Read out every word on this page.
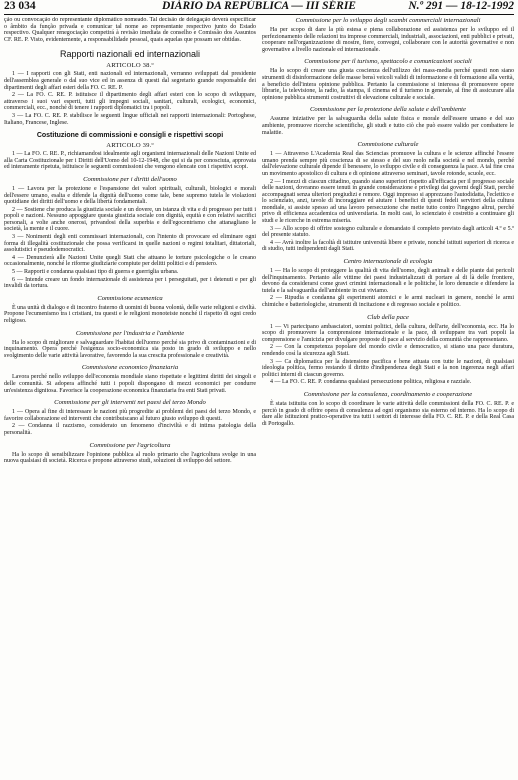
23 034	DIÁRIO DA REPÚBLICA — III SÉRIE	N.º 291 — 18-12-1992

ção ou convocação do representante diplomático nomeado. Tal decisão de delegação deverá especificar o âmbito da função privada e comunicar tal nome ao representante respectivo junto do Estado respectivo. Qualquer renegociação competirá à revisão imediata de conselho e Comissão dos Assuntos CF. RE. P. Visto, evidentemente, a responsabilidade pessoal, quais aquelas que possam ser obtidas.

Rapporti nazionali ed internazionali
ARTICOLO 38.º

1 — I rapporti con gli Stati, enti nazionali ed internazionali, verranno sviluppati dal presidente dell'assemblea generale o dal suo vice ed in assenza di questi dal segretario grande responsabile dei dipartimenti degli affari esteri della FO. C. RE. P.

2 — La FO. C. RE. P. istituisce il dipartimento degli affari esteri con lo scopo di sviluppare, attraverso i suoi vari esperti, tutti gli impegni sociali, sanitari, culturali, ecologici, economici, commerciali, ecc., nonché di tenere i rapporti diplomatici tra i popoli.

3 — La FO. C. RE. P. stabilisce le seguenti lingue ufficiali nei rapporti internazionali: Portoghese, Italiano, Francese, Inglese.

Costituzione di commissioni e consigli e rispettivi scopi
ARTICOLO 39.º

1 — La FO. C. RE. P., richiamandosi idealmente agli organismi internazionali delle Nazioni Unite ed alla Carta Costituzionale per i Diritti dell'Uomo del 10-12-1948, che qui si da per conosciuta, approvata ed interamente ripetuta, istituisce le seguenti commissioni che vengono elencate con i rispettivi scopi.

Commissione per i diritti dell'uomo

1 — Lavora per la protezione e l'espansione dei valori spirituali, culturali, biologici e morali dell'essere umano, esalta e difende la dignità dell'uomo come tale, bene supremo tutela le violazioni quotidiane dei diritti dell'uomo e della libertà fondamentali.

2 — Sostiene che produca la giustizia sociale e un dovere, un istanza di vita e di progresso per tutti i popoli e nazioni. Nessuno appoggiare questa giustizia sociale con dignità, equità e con relativi sacrifici personali, a volte anche onerosi, privandosi della superbia e dell'egocentrismo che attanagliano le società, la mente e il cuore.

3 — Nonimenti degli enti commissari internazionali, con l'intento di provocare ed eliminare ogni forma di illegalità costituzionale che possa verificarsi in quelle nazioni o regimi totalitari, dittatoriali, assolutistici e pseudodemocratici.

4 — Denunzierà alle Nazioni Unite quegli Stati che attuano le torture psicologiche o le creano occasionalmente, nonché le riforme giudiziarie compiute per delitti politici e di pensiero.

5 — Rapporti e condanna qualsiasi tipo di guerra e guerriglia urbana.

6 — Intende creare un fondo internazionale di assistenza per i perseguitati, per i detenuti e per gli invalidi da tortura.

Commissione ecumenica

È una unità di dialogo e di incontro fraterno di uomini di buona volontà, delle varie religioni e civiltà. Propone l'ecumenismo tra i cristiani, tra questi e le religioni monoteiste nonché il rispetto di ogni credo religioso.

Commissione per l'industria e l'ambiente

Ha lo scopo di migliorare e salvaguardare l'habitat dell'uomo perché sia privo di contaminazioni e di inquinamento. Opera perché l'esigenza socio-economica sia posto in grado di sviluppo e nello svolgimento delle varie attività lavorative, favorendo la sua crescita professionale e creatività.

Commissione economico finanziaria

Lavora perché nello sviluppo dell'economia mondiale siano rispettate e legittimi diritti dei singoli e delle comunità. Si adopera affinché tutti i popoli dispongano di mezzi economici per condurre un'esistenza dignitosa. Favorisce la cooperazione economica finanziaria fra enti Stati privati.

Commissione per gli interventi nei paesi del terzo Mondo

1 — Opera al fine di interessare le nazioni più progredite ai problemi dei paesi del terzo Mondo, e favorire collaborazione ed interventi che contribuiscano al futuro giusto sviluppo di questi.

2 — Condanna il razzismo, considerato un fenomeno d'inciviltà e di intima patologia della personalità.

Commissione per l'agricoltura

Ha lo scopo di sensibilizzare l'opinione pubblica al ruolo primario che l'agricoltura svolge in una nuova qualsiasi di società. Ricerca e propone attraverso studi, soluzioni di sviluppo del settore.

Commissione per lo sviluppo degli scambi commerciali internazionali

Ha per scopo di dare la più estesa e piena collaborazione ed assistenza per lo sviluppo ed il perfezionamento delle relazioni tra imprese commerciali, industriali, associazioni, enti pubblici e privati, cooperare nell'organizzazione di mostre, fiere, convegni, collaborare con le autorità governative e non governative a livello nazionale ed internazionale.

Commissione per il turismo, spettacolo e comunicazioni sociali

Ha lo scopo di creare una giusta coscienza dell'utilizzo dei mass-media perché questi non siano strumenti di disinformazione delle masse bensì veicoli validi di informazione e di formazione alla verità, a beneficio dell'intera opinione pubblica. Pertanto la commissione si interessa di promuovere opere librarie, la televisione, la radio, la stampa, il cinema ed il turismo in generale, al fine di assicurare alla opinione pubblica strumenti costruttivi di elevazione culturale e sociale.

Commissione per la protezione della salute e dell'ambiente

Assume iniziative per la salvaguardia della salute fisica e morale dell'essere umano e del suo ambiente, promuove ricerche scientifiche, gli studi e tutto ciò che può essere valido per combattere le malattie.

Commissione culturale

1 — Attraverso L'Academia Real das Sciencias promuove la cultura e le scienze affinché l'essere umano prenda sempre più coscienza di se stesso e del suo ruolo nella società e nel mondo, perché dall'elevazione culturale dipende il benessere, lo sviluppo civile e di conseguenza la pace. A tal fine crea un movimento apostolico di cultura e di opinione attraverso seminari, tavole rotonde, scuole, ecc.

2 — I mezzi di ciascun cittadino, quando siano superiori rispetto all'efficacia per il progresso sociale delle nazioni, dovranno essere tenuti in grande considerazione e privilegi dai governi degli Stati, perché accompagnati senza ulteriori pregiudizi e remore. Oggi impresso si apprezzano l'autodidatta, l'eclettico e lo scienziato, anzi, tavole di incoraggiare ed aiutare i benefici di questi fedeli servitori della cultura mondiale, si assiste spesso ad una lavoro persecuzione che mette tutto contro l'ingegno altrui, perché privo di efficienza accademica od universitaria. In molti casi, lo scienziato è costretto a continuare gli studi e le ricerche in estrema miseria.

3 — Allo scopo di offrire sostegno culturale e domandato il completo previsto dagli articoli 4.º e 5.º del presente statuto.

4 — Avrà inoltre la facoltà di istituire università libere e private, nonché istituti superiori di ricerca e di studio, tutti indipendenti dagli Stati.

Centro internazionale di ecologia

1 — Ha lo scopo di proteggere la qualità di vita dell'uomo, degli animali e delle piante dai pericoli dell'inquinamento. Pertanto alle vittime dei paesi industrializzati di portare al di là delle frontiere, devono da considerarsi come gravi crimini internazionali e le politiche, le loro denuncie e difendere la tutela e la salvaguardia dell'ambiente in cui viviamo.

2 — Ripudia e condanna gli esperimenti atomici e le armi nucleari in genere, nonché le armi chimiche e batteriologiche, strumenti di incitazione e di regresso sociale e politico.

Club della pace

1 — Vi partecipano ambasciatori, uomini politici, della cultura, dell'arte, dell'economia, ecc. Ha lo scopo di promuovere la comprensione internazionale e la pace, di sviluppare tra vari popoli la comprensione e l'amicizia per divulgare proposte di pace al servizio della comunità che rappresentano.

2 — Con la competenza popolare del mondo civile e democratico, si stiano una pace duratura, rendendo così la sicurezza agli Stati.

3 — Ca diplomatica per la distensione pacifica e bene attuata con tutte le nazioni, di qualsiasi ideologia politica, fermo restando il diritto d'indipendenza degli Stati e la non ingerenza negli affari politici interni di ciascun governo.

4 — La FO. C. RE. P. condanna qualsiasi persecuzione politica, religiosa e razziale.

Commissione per la consulenza, coordinamento e cooperazione

È stata istituita con lo scopo di coordinare le varie attività delle commissioni della FO. C. RE. P. e perciò in grado di offrire opera di consulenza ad ogni organismo sia esterno od interno. Ha lo scopo di dare alle istituzioni pratico-operative tra tutti i settori di interesse della FO. C. RE. P. e della Real Casa di Portogallo.
